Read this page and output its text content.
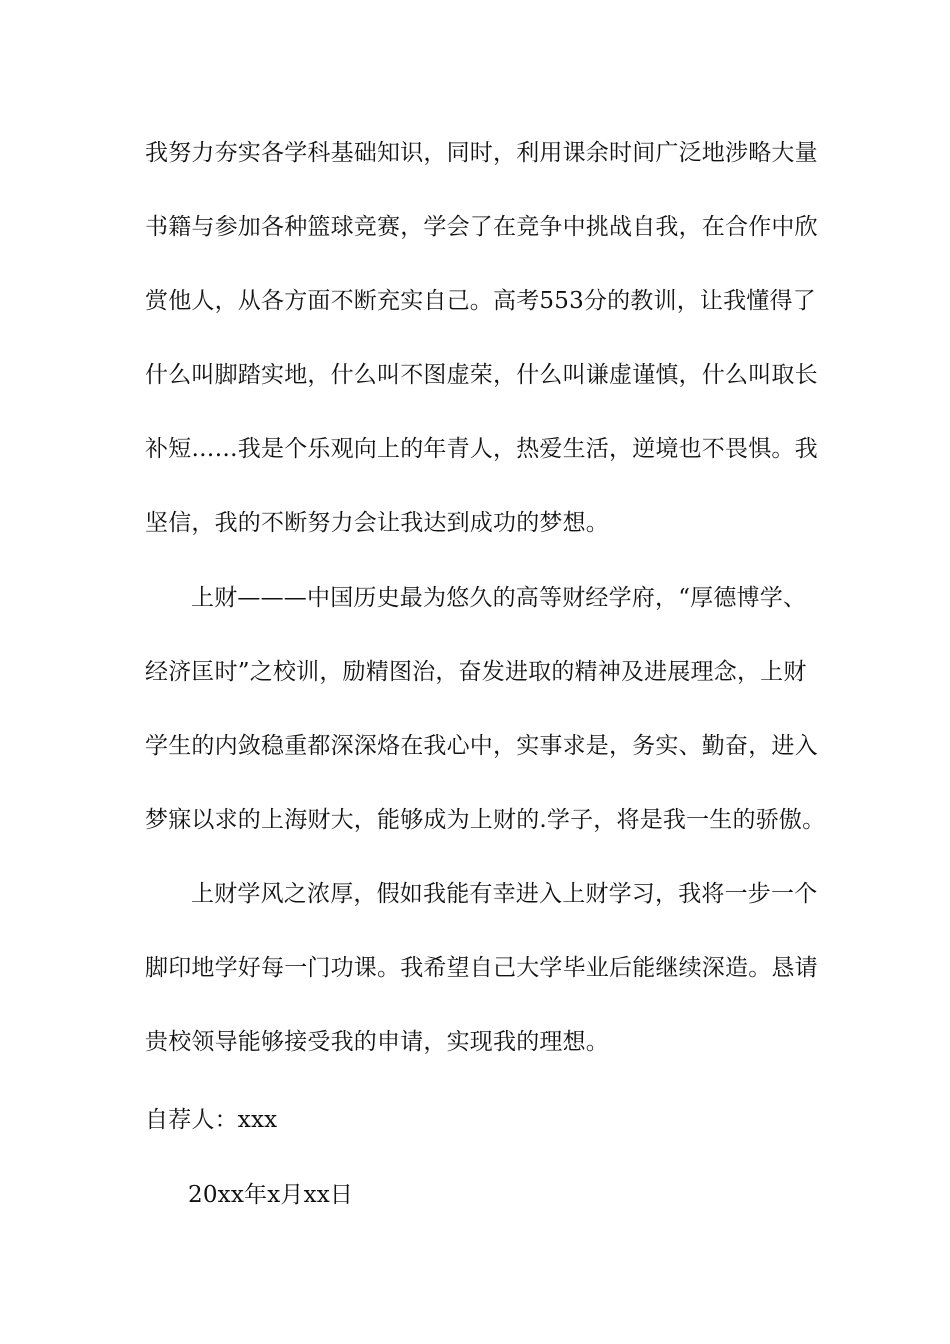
我努力夯实各学科基础知识，同时，利用课余时间广泛地涉略大量
书籍与参加各种篮球竞赛，学会了在竞争中挑战自我，在合作中欣
赏他人，从各方面不断充实自己。高考553分的教训，让我懂得了
什么叫脚踏实地，什么叫不图虚荣，什么叫谦虚谨慎，什么叫取长
补短……我是个乐观向上的年青人，热爱生活，逆境也不畏惧。我
坚信，我的不断努力会让我达到成功的梦想。
上财———中国历史最为悠久的高等财经学府，“厚德博学、
经济匡时”之校训，励精图治，奋发进取的精神及进展理念，上财
学生的内敛稳重都深深烙在我心中，实事求是，务实、勤奋，进入
梦寐以求的上海财大，能够成为上财的.学子，将是我一生的骄傲。
上财学风之浓厚，假如我能有幸进入上财学习，我将一步一个
脚印地学好每一门功课。我希望自己大学毕业后能继续深造。恳请
贵校领导能够接受我的申请，实现我的理想。
自荐人：xxx
20xx年x月xx日
